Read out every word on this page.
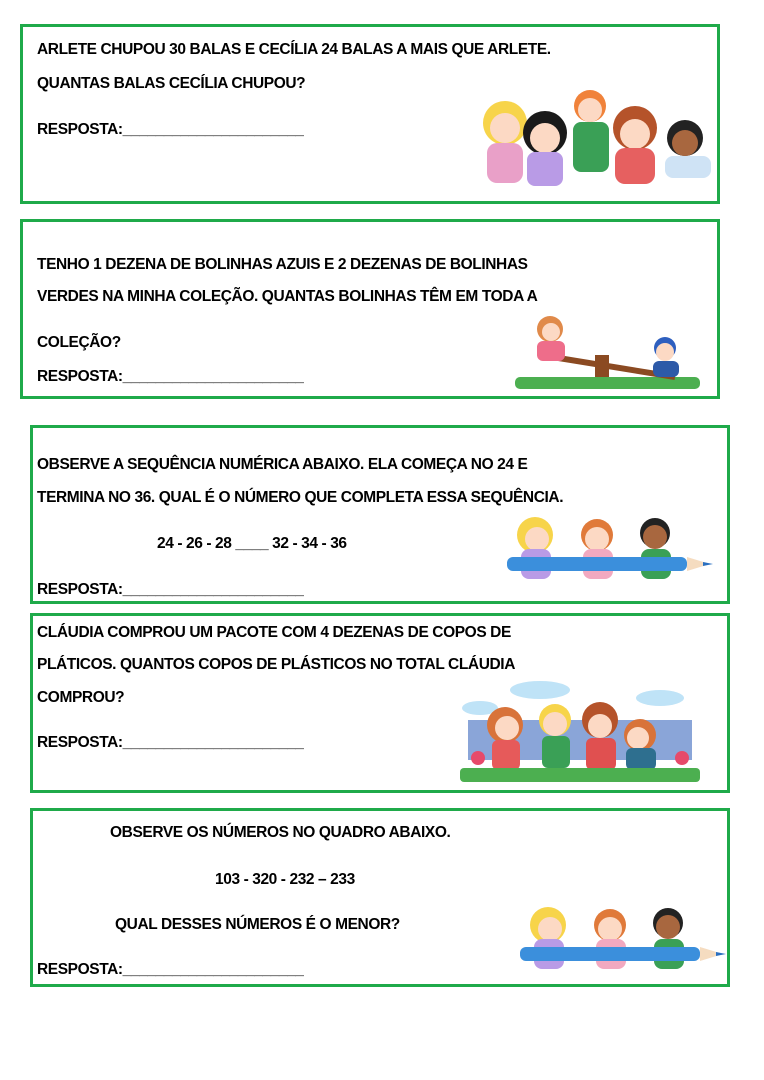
ARLETE CHUPOU 30 BALAS E CECÍLIA 24 BALAS A MAIS QUE ARLETE.
QUANTAS BALAS CECÍLIA CHUPOU?
RESPOSTA:______________________
TENHO 1 DEZENA DE BOLINHAS AZUIS E 2 DEZENAS DE BOLINHAS
VERDES NA MINHA COLEÇÃO. QUANTAS BOLINHAS TÊM EM TODA A
COLEÇÃO?
RESPOSTA:______________________
OBSERVE A SEQUÊNCIA NUMÉRICA ABAIXO. ELA COMEÇA NO 24 E
TERMINA NO 36. QUAL É O NÚMERO QUE COMPLETA ESSA SEQUÊNCIA.
24 - 26 - 28 ____ 32 - 34 - 36
RESPOSTA:______________________
CLÁUDIA COMPROU UM PACOTE COM 4 DEZENAS DE COPOS DE
PLÁTICOS. QUANTOS COPOS DE PLÁSTICOS NO TOTAL CLÁUDIA
COMPROU?
RESPOSTA:______________________
OBSERVE OS NÚMEROS NO QUADRO ABAIXO.
103 - 320 - 232 – 233
QUAL DESSES NÚMEROS É O MENOR?
RESPOSTA:______________________
